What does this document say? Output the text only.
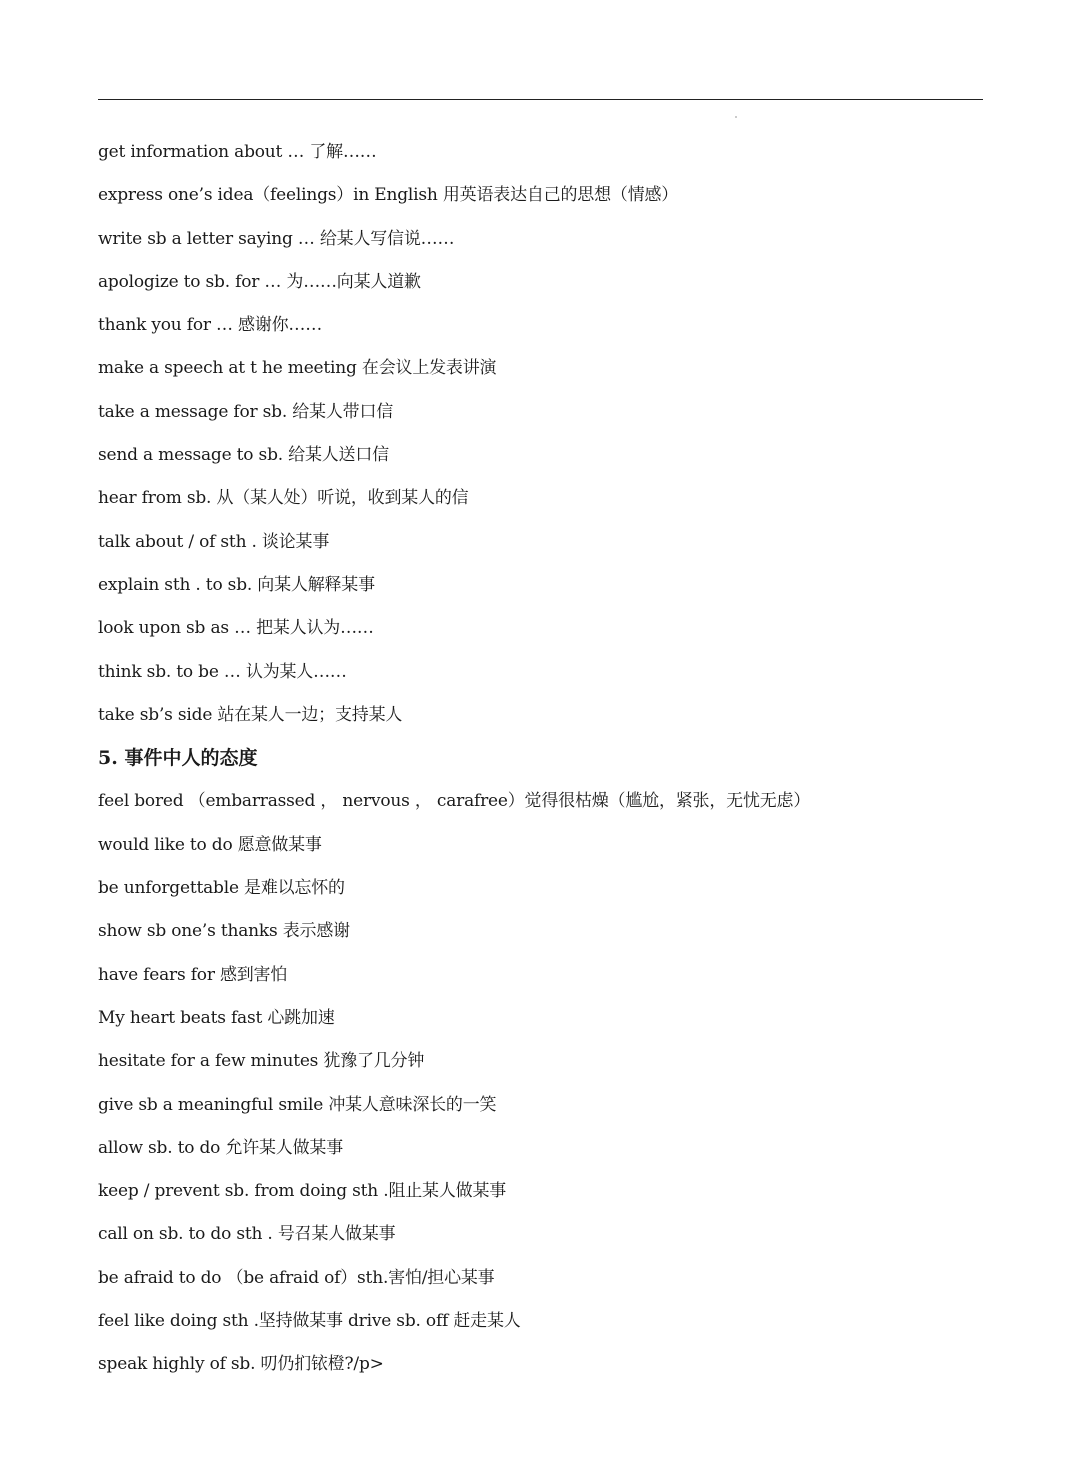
get information about … 了解……
express one’s idea（feelings）in English 用英语表达自己的思想（情感）
write sb a letter saying … 给某人写信说……
apologize to sb. for … 为……向某人道歉
thank you for … 感谢你……
make a speech at t he meeting 在会议上发表讲演
take a message for sb. 给某人带口信
send a message to sb. 给某人送口信
hear from sb. 从（某人处）听说，收到某人的信
talk about / of sth . 谈论某事
explain sth . to sb. 向某人解释某事
look upon sb as … 把某人认为……
think sb. to be … 认为某人……
take sb’s side 站在某人一边；支持某人
5. 事件中人的态度
feel bored （embarrassed ， nervous ， carafree）觉得很枯燥（尴尬，紧张，无忧无虑）
would like to do 愿意做某事
be unforgettable 是难以忘怀的
show sb one’s thanks 表示感谢
have fears for 感到害怕
My heart beats fast 心跳加速
hesitate for a few minutes 犹豫了几分钟
give sb a meaningful smile 冲某人意味深长的一笑
allow sb. to do 允许某人做某事
keep / prevent sb. from doing sth .阻止某人做某事
call on sb. to do sth . 号召某人做某事
be afraid to do （be afraid of）sth.害怕/担心某事
feel like doing sth .坚持做某事 drive sb. off 赶走某人
speak highly of sb. 叨仍扪铱橙?/p>
